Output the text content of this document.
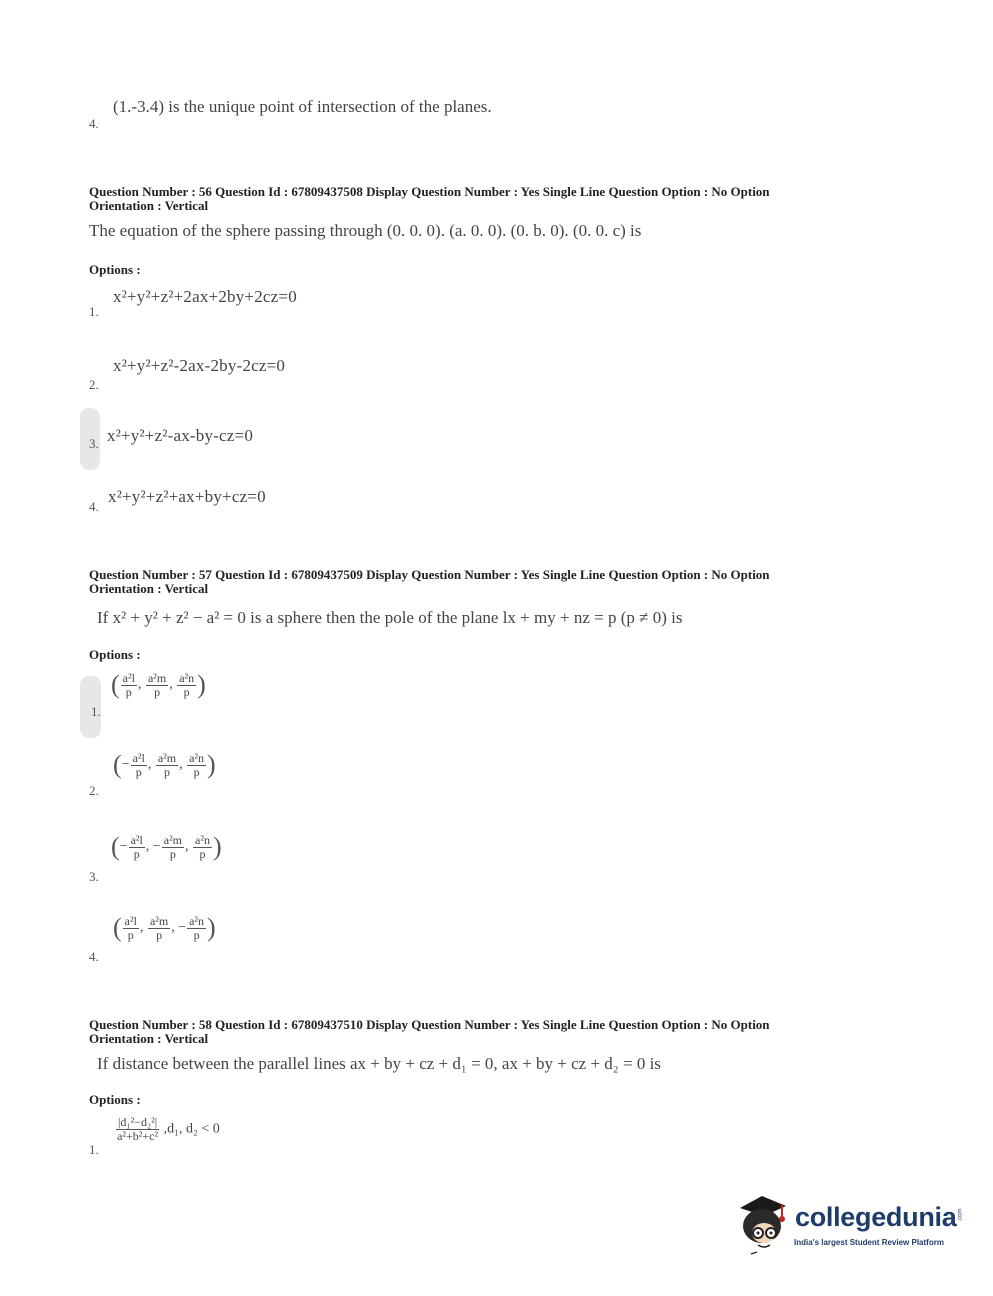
4.
(1.-3.4) is the unique point of intersection of the planes.
Question Number : 56 Question Id : 67809437508 Display Question Number : Yes Single Line Question Option : No Option
Orientation : Vertical
The equation of the sphere passing through (0. 0. 0). (a. 0. 0). (0. b. 0). (0. 0. c) is
Options :
1.
x²+y²+z²+2ax+2by+2cz=0
2.
x²+y²+z²-2ax-2by-2cz=0
3. x²+y²+z²-ax-by-cz=0
4.
x²+y²+z²+ax+by+cz=0
Question Number : 57 Question Id : 67809437509 Display Question Number : Yes Single Line Question Option : No Option
Orientation : Vertical
If x² + y² + z² − a² = 0 is a sphere then the pole of the plane lx + my + nz = p (p ≠ 0) is
Options :
1.
( $\frac{\text{a²l}}{p}$ , $\frac{\text{a²m}}{p}$ , $\frac{\text{a²n}}{p}$ )
2.
(− $\frac{\text{a²l}}{p}$ , $\frac{\text{a²m}}{p}$ , $\frac{\text{a²n}}{p}$ )
3.
(− $\frac{\text{a²l}}{p}$ , − $\frac{\text{a²m}}{p}$ , $\frac{\text{a²n}}{p}$ )
4.
( $\frac{\text{a²l}}{p}$ , $\frac{\text{a²m}}{p}$ , − $\frac{\text{a²n}}{p}$ )
Question Number : 58 Question Id : 67809437510 Display Question Number : Yes Single Line Question Option : No Option
Orientation : Vertical
If distance between the parallel lines ax + by + cz + d₁ = 0, ax + by + cz + d₂ = 0 is
Options :
1.
$\frac{\text{|d₁²−d₂²|}}{\text{a²+b²+c²}} ,d_1$, d₂ < 0
collegedunia .com
India's largest Student Review Platform
